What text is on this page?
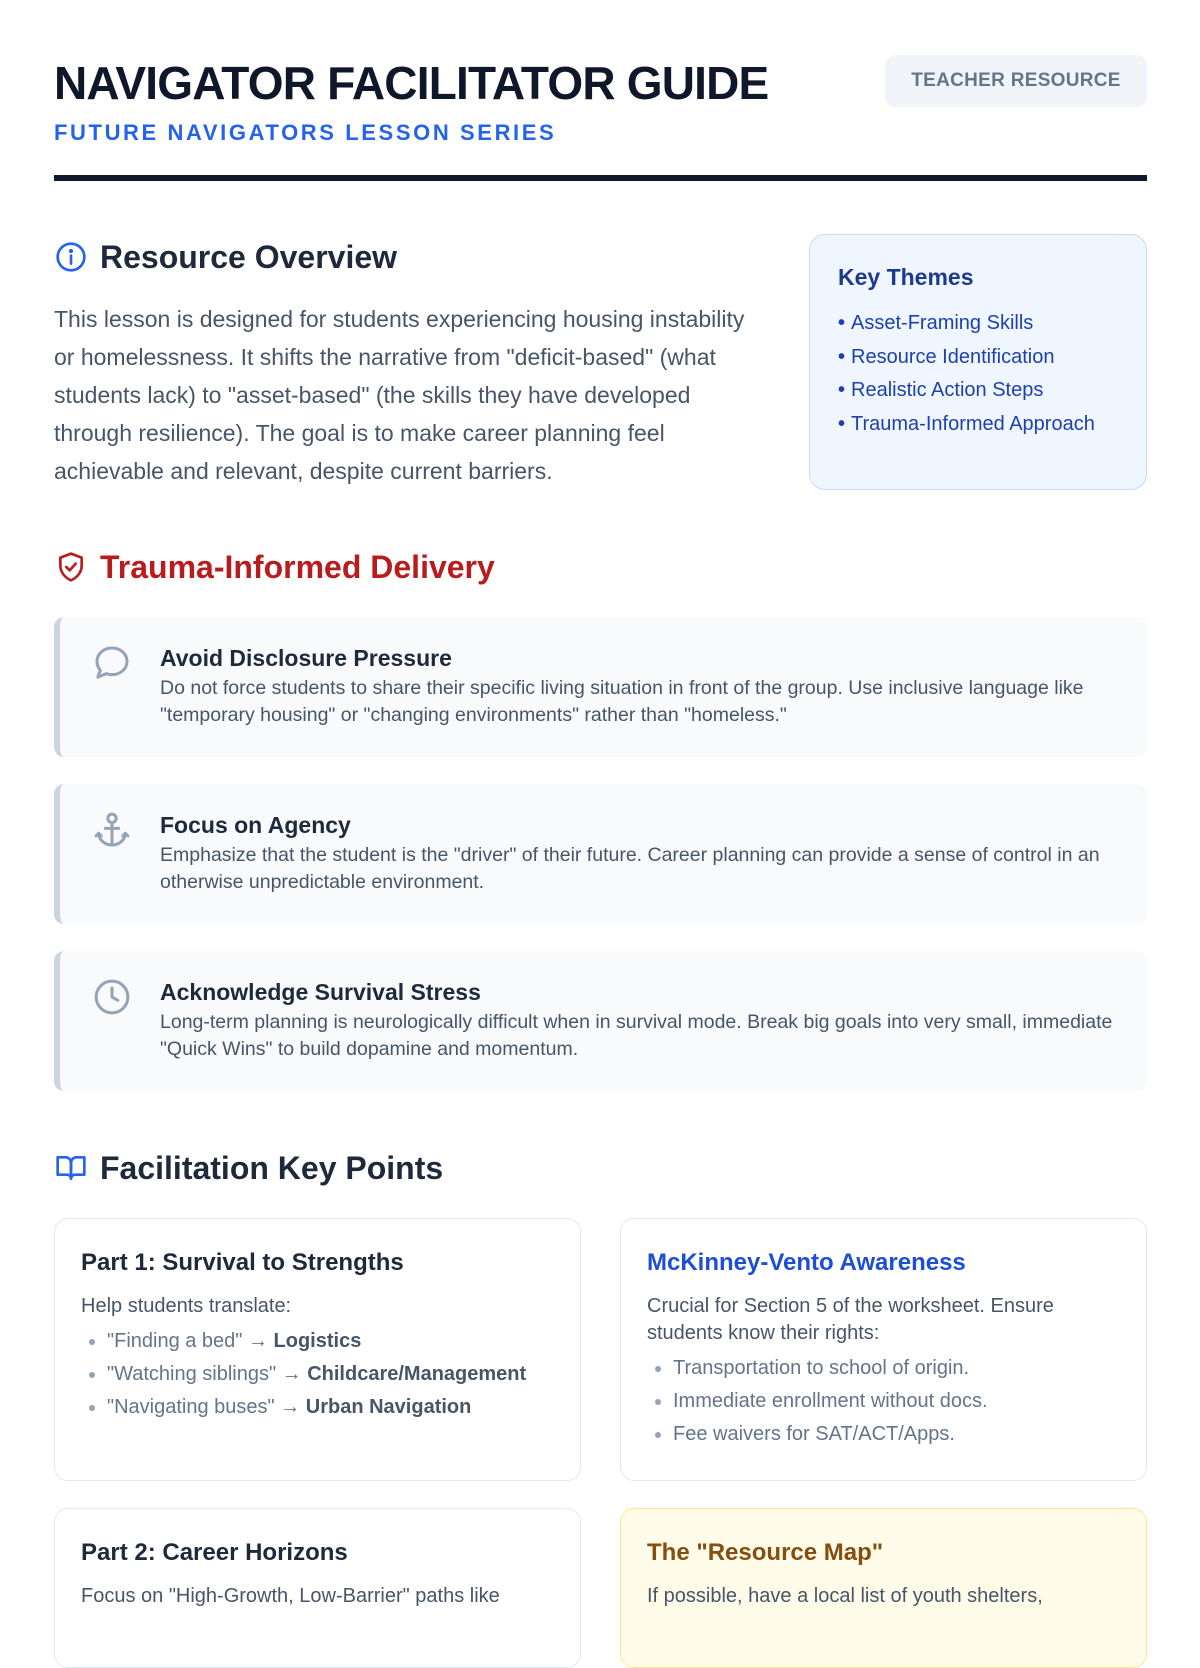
NAVIGATOR FACILITATOR GUIDE
FUTURE NAVIGATORS LESSON SERIES
TEACHER RESOURCE
Resource Overview
This lesson is designed for students experiencing housing instability or homelessness. It shifts the narrative from "deficit-based" (what students lack) to "asset-based" (the skills they have developed through resilience). The goal is to make career planning feel achievable and relevant, despite current barriers.
Key Themes
• Asset-Framing Skills
• Resource Identification
• Realistic Action Steps
• Trauma-Informed Approach
Trauma-Informed Delivery
Avoid Disclosure Pressure

Do not force students to share their specific living situation in front of the group. Use inclusive language like "temporary housing" or "changing environments" rather than "homeless."

Focus on Agency

Emphasize that the student is the "driver" of their future. Career planning can provide a sense of control in an otherwise unpredictable environment.

Acknowledge Survival Stress

Long-term planning is neurologically difficult when in survival mode. Break big goals into very small, immediate "Quick Wins" to build dopamine and momentum.

Facilitation Key Points
Part 1: Survival to Strengths

Help students translate:

• "Finding a bed" → Logistics
• "Watching siblings" → Childcare/Management
• "Navigating buses" → Urban Navigation
McKinney-Vento Awareness

Crucial for Section 5 of the worksheet. Ensure students know their rights:

• Transportation to school of origin.
• Immediate enrollment without docs.
• Fee waivers for SAT/ACT/Apps.
Part 2: Career Horizons

Focus on "High-Growth, Low-Barrier" paths like

The "Resource Map"

If possible, have a local list of youth shelters,
